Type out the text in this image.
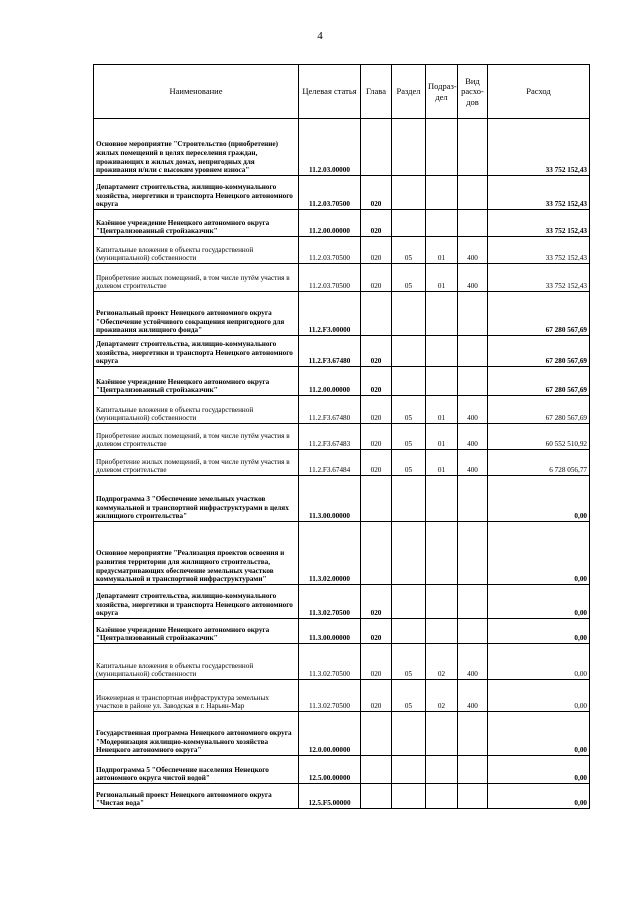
4
Наименование	Целевая статья	Глава	Раздел	Подраз-дел	Вид расхо-дов	Расход
Основное мероприятие "Строительство (приобретение) жилых помещений в целях переселения граждан, проживающих в жилых домах, непригодных для проживания и/или с высоким уровнем износа"	11.2.03.00000					33 752 152,43
Департамент строительства, жилищно-коммунального хозяйства, энергетики и транспорта Ненецкого автономного округа	11.2.03.70500	020				33 752 152,43
Казённое учреждение Ненецкого автономного округа "Централизованный стройзаказчик"	11.2.00.00000	020				33 752 152,43
Капитальные вложения в объекты государственной (муниципальной) собственности	11.2.03.70500	020	05	01	400	33 752 152,43
Приобретение жилых помещений, в том числе путём участия в долевом строительстве	11.2.03.70500	020	05	01	400	33 752 152,43
Региональный проект Ненецкого автономного округа "Обеспечение устойчивого сокращения непригодного для проживания жилищного фонда"	11.2.F3.00000					67 280 567,69
Департамент строительства, жилищно-коммунального хозяйства, энергетики и транспорта Ненецкого автономного округа	11.2.F3.67480	020				67 280 567,69
Казённое учреждение Ненецкого автономного округа "Централизованный стройзаказчик"	11.2.00.00000	020				67 280 567,69
Капитальные вложения в объекты государственной (муниципальной) собственности	11.2.F3.67480	020	05	01	400	67 280 567,69
Приобретение жилых помещений, в том числе путём участия в долевом строительстве	11.2.F3.67483	020	05	01	400	60 552 510,92
Приобретение жилых помещений, в том числе путём участия в долевом строительстве	11.2.F3.67484	020	05	01	400	6 728 056,77
Подпрограмма 3 "Обеспечение земельных участков коммунальной и транспортной инфраструктурами в целях жилищного строительства"	11.3.00.00000					0,00
Основное мероприятие "Реализация проектов освоения и развития территории для жилищного строительства, предусматривающих обеспечение земельных участков коммунальной и транспортной инфраструктурами"	11.3.02.00000					0,00
Департамент строительства, жилищно-коммунального хозяйства, энергетики и транспорта Ненецкого автономного округа	11.3.02.70500	020				0,00
Казённое учреждение Ненецкого автономного округа "Централизованный стройзаказчик"	11.3.00.00000	020				0,00
Капитальные вложения в объекты государственной (муниципальной) собственности	11.3.02.70500	020	05	02	400	0,00
Инженерная и транспортная инфраструктура земельных участков в районе ул. Заводская в г. Нарьян-Мар	11.3.02.70500	020	05	02	400	0,00
Государственная программа Ненецкого автономного округа "Модернизация жилищно-коммунального хозяйства Ненецкого автономного округа"	12.0.00.00000					0,00
Подпрограмма 5 "Обеспечение населения Ненецкого автономного округа чистой водой"	12.5.00.00000					0,00
Региональный проект Ненецкого автономного округа "Чистая вода"	12.5.F5.00000					0,00
